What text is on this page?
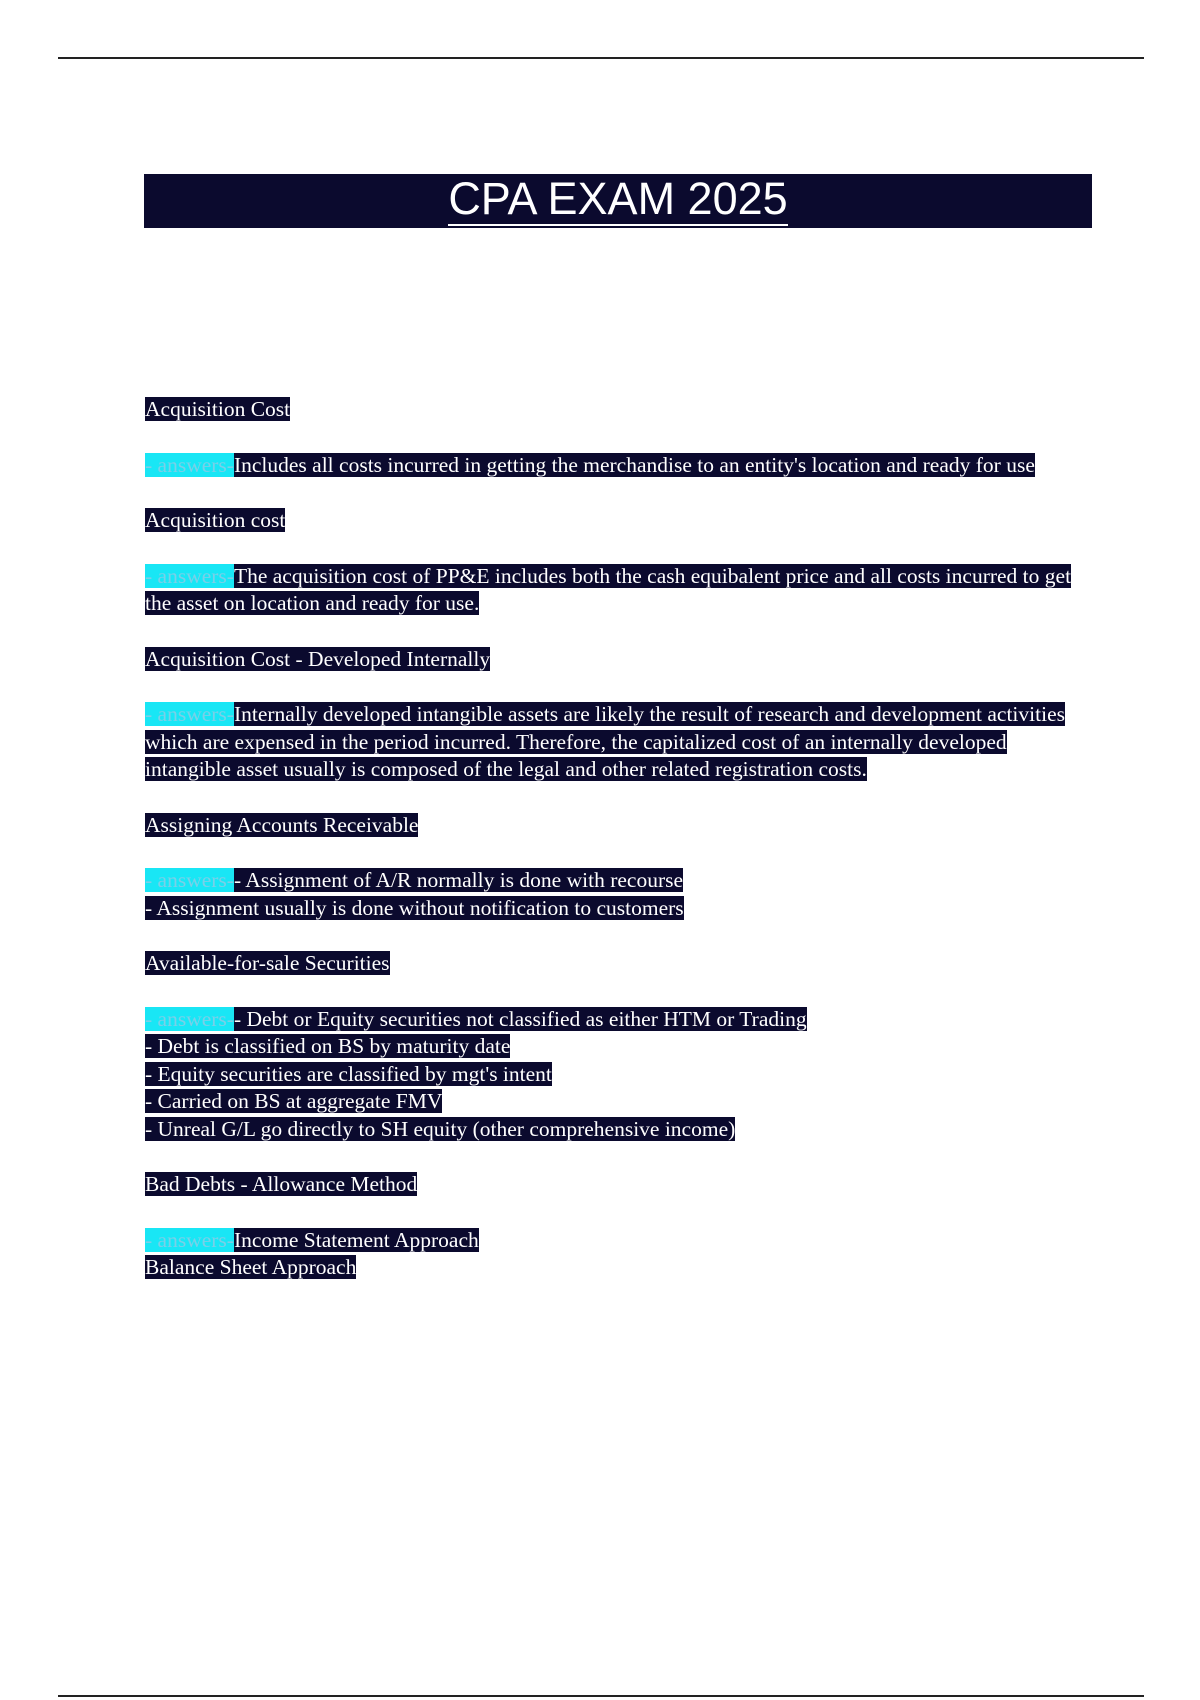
CPA EXAM 2025

Acquisition Cost

- answers-Includes all costs incurred in getting the merchandise to an entity's location and ready for use

Acquisition cost

- answers-The acquisition cost of PP&E includes both the cash equibalent price and all costs incurred to get the asset on location and ready for use.

Acquisition Cost - Developed Internally

- answers-Internally developed intangible assets are likely the result of research and development activities which are expensed in the period incurred. Therefore, the capitalized cost of an internally developed intangible asset usually is composed of the legal and other related registration costs.

Assigning Accounts Receivable

- answers-- Assignment of A/R normally is done with recourse
- Assignment usually is done without notification to customers

Available-for-sale Securities

- answers-- Debt or Equity securities not classified as either HTM or Trading
- Debt is classified on BS by maturity date
- Equity securities are classified by mgt's intent
- Carried on BS at aggregate FMV
- Unreal G/L go directly to SH equity (other comprehensive income)

Bad Debts - Allowance Method

- answers-Income Statement Approach
Balance Sheet Approach
